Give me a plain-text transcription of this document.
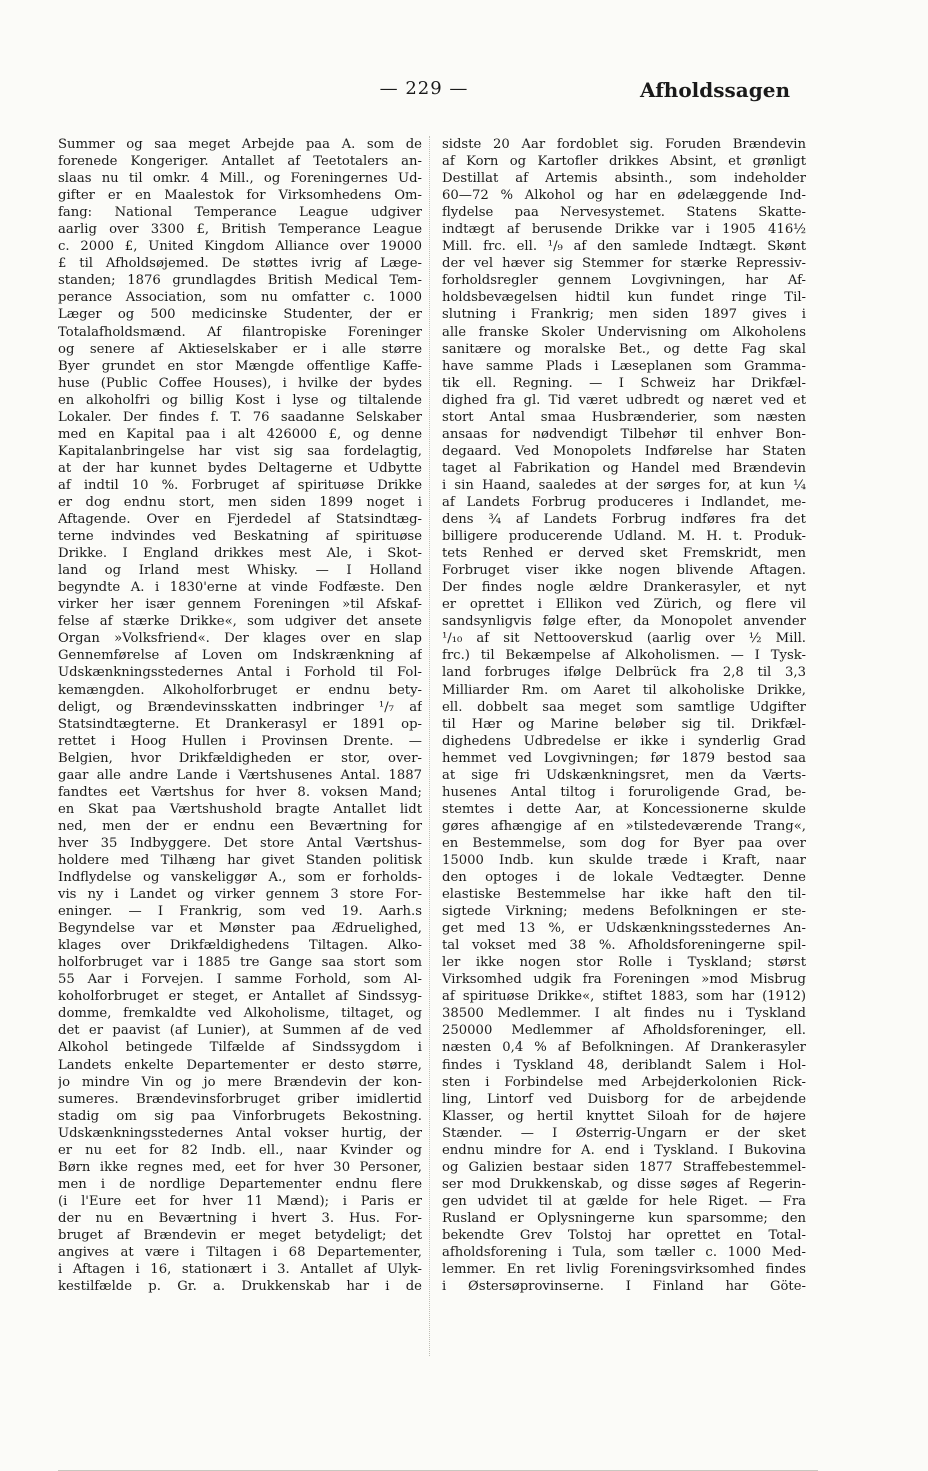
— 229 —	Afholdssagen
Summer og saa meget Arbejde paa A. som de
forenede Kongeriger. Antallet af Teetotalers an-
slaas nu til omkr. 4 Mill., og Foreningernes Ud-
gifter er en Maalestok for Virksomhedens Om-
fang: National Temperance League udgiver
aarlig over 3300 £, British Temperance League
c. 2000 £, United Kingdom Alliance over 19000
£ til Afholdsøjemed. De støttes ivrig af Læge-
standen; 1876 grundlagdes British Medical Tem-
perance Association, som nu omfatter c. 1000
Læger og 500 medicinske Studenter, der er
Totalafholdsmænd. Af filantropiske Foreninger
og senere af Aktieselskaber er i alle større
Byer grundet en stor Mængde offentlige Kaffe-
huse (Public Coffee Houses), i hvilke der bydes
en alkoholfri og billig Kost i lyse og tiltalende
Lokaler. Der findes f. T. 76 saadanne Selskaber
med en Kapital paa i alt 426000 £, og denne
Kapitalanbringelse har vist sig saa fordelagtig,
at der har kunnet bydes Deltagerne et Udbytte
af indtil 10 %. Forbruget af spirituøse Drikke
er dog endnu stort, men siden 1899 noget i
Aftagende. Over en Fjerdedel af Statsindtæg-
terne indvindes ved Beskatning af spirituøse
Drikke. I England drikkes mest Ale, i Skot-
land og Irland mest Whisky. — I Holland
begyndte A. i 1830'erne at vinde Fodfæste. Den
virker her især gennem Foreningen »til Afskaf-
felse af stærke Drikke«, som udgiver det ansete
Organ »Volksfriend«. Der klages over en slap
Gennemførelse af Loven om Indskrænkning af
Udskænkningsstedernes Antal i Forhold til Fol-
kemængden. Alkoholforbruget er endnu bety-
deligt, og Brændevinsskatten indbringer ¹/₇ af
Statsindtægterne. Et Drankerasyl er 1891 op-
rettet i Hoog Hullen i Provinsen Drente. —
Belgien, hvor Drikfældigheden er stor, over-
gaar alle andre Lande i Værtshusenes Antal. 1887
fandtes eet Værtshus for hver 8. voksen Mand;
en Skat paa Værtshushold bragte Antallet lidt
ned, men der er endnu een Beværtning for
hver 35 Indbyggere. Det store Antal Værtshus-
holdere med Tilhæng har givet Standen politisk
Indflydelse og vanskeliggør A., som er forholds-
vis ny i Landet og virker gennem 3 store For-
eninger. — I Frankrig, som ved 19. Aarh.s
Begyndelse var et Mønster paa Ædruelighed,
klages over Drikfældighedens Tiltagen. Alko-
holforbruget var i 1885 tre Gange saa stort som
55 Aar i Forvejen. I samme Forhold, som Al-
koholforbruget er steget, er Antallet af Sindssyg-
domme, fremkaldte ved Alkoholisme, tiltaget, og
det er paavist (af Lunier), at Summen af de ved
Alkohol betingede Tilfælde af Sindssygdom i
Landets enkelte Departementer er desto større,
jo mindre Vin og jo mere Brændevin der kon-
sumeres. Brændevinsforbruget griber imidlertid
stadig om sig paa Vinforbrugets Bekostning.
Udskænkningsstedernes Antal vokser hurtig, der
er nu eet for 82 Indb. ell., naar Kvinder og
Børn ikke regnes med, eet for hver 30 Personer,
men i de nordlige Departementer endnu flere
(i l'Eure eet for hver 11 Mænd); i Paris er
der nu en Beværtning i hvert 3. Hus. For-
bruget af Brændevin er meget betydeligt; det
angives at være i Tiltagen i 68 Departementer,
i Aftagen i 16, stationært i 3. Antallet af Ulyk-
kestilfælde p. Gr. a. Drukkenskab har i de
sidste 20 Aar fordoblet sig. Foruden Brændevin
af Korn og Kartofler drikkes Absint, et grønligt
Destillat af Artemis absinth., som indeholder
60—72 % Alkohol og har en ødelæggende Ind-
flydelse paa Nervesystemet. Statens Skatte-
indtægt af berusende Drikke var i 1905 416½
Mill. frc. ell. ¹/₉ af den samlede Indtægt. Skønt
der vel hæver sig Stemmer for stærke Repressiv-
forholdsregler gennem Lovgivningen, har Af-
holdsbevægelsen hidtil kun fundet ringe Til-
slutning i Frankrig; men siden 1897 gives i
alle franske Skoler Undervisning om Alkoholens
sanitære og moralske Bet., og dette Fag skal
have samme Plads i Læseplanen som Gramma-
tik ell. Regning. — I Schweiz har Drikfæl-
dighed fra gl. Tid været udbredt og næret ved et
stort Antal smaa Husbrænderier, som næsten
ansaas for nødvendigt Tilbehør til enhver Bon-
degaard. Ved Monopolets Indførelse har Staten
taget al Fabrikation og Handel med Brændevin
i sin Haand, saaledes at der sørges for, at kun ¼
af Landets Forbrug produceres i Indlandet, me-
dens ¾ af Landets Forbrug indføres fra det
billigere producerende Udland. M. H. t. Produk-
tets Renhed er derved sket Fremskridt, men
Forbruget viser ikke nogen blivende Aftagen.
Der findes nogle ældre Drankerasyler, et nyt
er oprettet i Ellikon ved Zürich, og flere vil
sandsynligvis følge efter, da Monopolet anvender
¹/₁₀ af sit Nettooverskud (aarlig over ½ Mill.
frc.) til Bekæmpelse af Alkoholismen. — I Tysk-
land forbruges ifølge Delbrück fra 2,8 til 3,3
Milliarder Rm. om Aaret til alkoholiske Drikke,
ell. dobbelt saa meget som samtlige Udgifter
til Hær og Marine beløber sig til. Drikfæl-
dighedens Udbredelse er ikke i synderlig Grad
hemmet ved Lovgivningen; før 1879 bestod saa
at sige fri Udskænkningsret, men da Værts-
husenes Antal tiltog i foruroligende Grad, be-
stemtes i dette Aar, at Koncessionerne skulde
gøres afhængige af en »tilstedeværende Trang«,
en Bestemmelse, som dog for Byer paa over
15000 Indb. kun skulde træde i Kraft, naar
den optoges i de lokale Vedtægter. Denne
elastiske Bestemmelse har ikke haft den til-
sigtede Virkning; medens Befolkningen er ste-
get med 13 %, er Udskænkningsstedernes An-
tal vokset med 38 %. Afholdsforeningerne spil-
ler ikke nogen stor Rolle i Tyskland; størst
Virksomhed udgik fra Foreningen »mod Misbrug
af spirituøse Drikke«, stiftet 1883, som har (1912)
38500 Medlemmer. I alt findes nu i Tyskland
250000 Medlemmer af Afholdsforeninger, ell.
næsten 0,4 % af Befolkningen. Af Drankerasyler
findes i Tyskland 48, deriblandt Salem i Hol-
sten i Forbindelse med Arbejderkolonien Rick-
ling, Lintorf ved Duisborg for de arbejdende
Klasser, og hertil knyttet Siloah for de højere
Stænder. — I Østerrig-Ungarn er der sket
endnu mindre for A. end i Tyskland. I Bukovina
og Galizien bestaar siden 1877 Straffebestemmel-
ser mod Drukkenskab, og disse søges af Regerin-
gen udvidet til at gælde for hele Riget. — Fra
Rusland er Oplysningerne kun sparsomme; den
bekendte Grev Tolstoj har oprettet en Total-
afholdsforening i Tula, som tæller c. 1000 Med-
lemmer. En ret livlig Foreningsvirksomhed findes
i Østersøprovinserne. I Finland har Göte-
